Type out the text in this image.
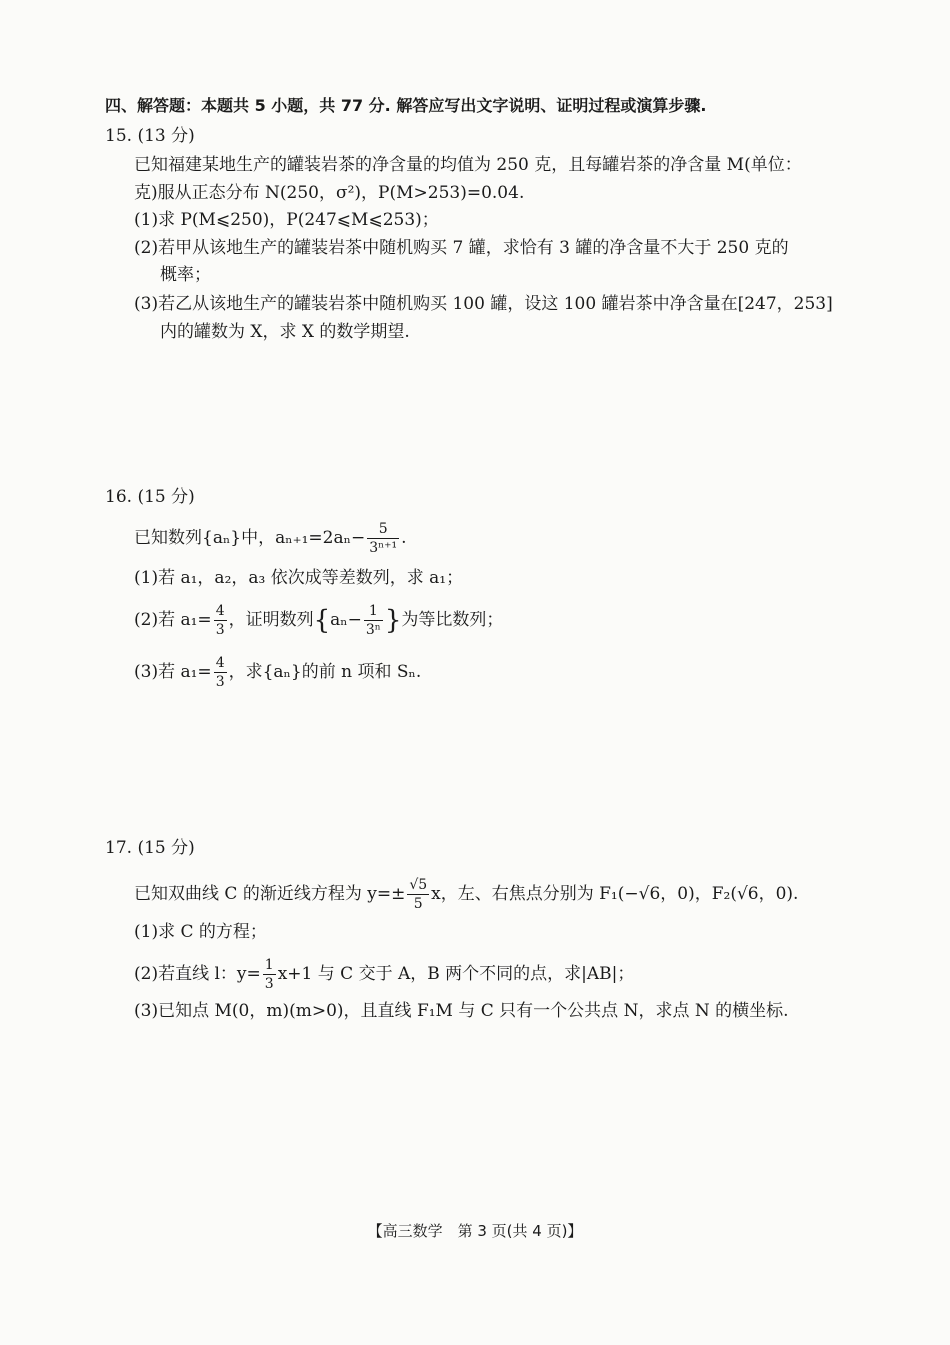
四、解答题：本题共 5 小题，共 77 分. 解答应写出文字说明、证明过程或演算步骤.
15. (13 分)
已知福建某地生产的罐装岩茶的净含量的均值为 250 克，且每罐岩茶的净含量 M(单位：
克)服从正态分布 N(250，σ²)，P(M>253)=0.04.
(1)求 P(M⩽250)，P(247⩽M⩽253)；
(2)若甲从该地生产的罐装岩茶中随机购买 7 罐，求恰有 3 罐的净含量不大于 250 克的
概率；
(3)若乙从该地生产的罐装岩茶中随机购买 100 罐，设这 100 罐岩茶中净含量在[247，253]
内的罐数为 X，求 X 的数学期望.
16. (15 分)
已知数列{aₙ}中，$a_{n+1}=2a_n- \frac{5}{\text{3ⁿ⁺¹}}$ .
(1)若 a₁，a₂，a₃ 依次成等差数列，求 a₁；
(2)若 $a_1= \frac{4}{3}$ ，证明数列{$a_n- \frac{1}{\text{3ⁿ}}$ }为等比数列；
(3)若 $a_1= \frac{4}{3}$ ，求{aₙ}的前 n 项和 Sₙ.
17. (15 分)
已知双曲线 C 的渐近线方程为 $y=\pm \frac{√5}{5}$ x，左、右焦点分别为 F₁(−√6，0)，F₂(√6，0).
(1)求 C 的方程；
(2)若直线 l：$y= \frac{1}{3} x+1$ 与 C 交于 A，B 两个不同的点，求|AB|；
(3)已知点 M(0，m)(m>0)，且直线 F₁M 与 C 只有一个公共点 N，求点 N 的横坐标.
【高三数学　第 3 页(共 4 页)】
